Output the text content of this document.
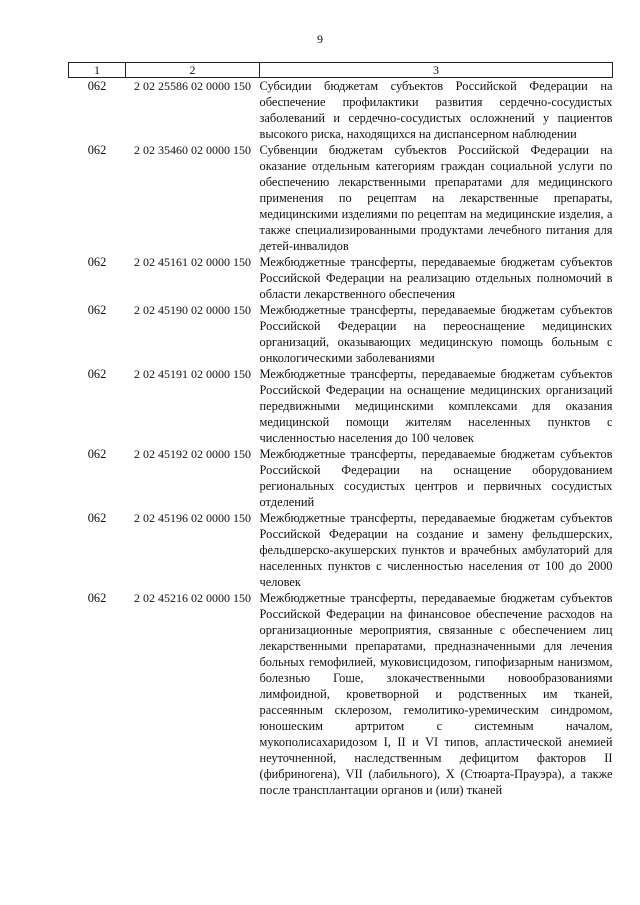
9
1	2	3
062	2 02 25586 02 0000 150	Субсидии бюджетам субъектов Российской Федерации на обеспечение профилактики развития сердечно-сосудистых заболеваний и сердечно-сосудистых осложнений у пациентов высокого риска, находящихся на диспансерном наблюдении
062	2 02 35460 02 0000 150	Субвенции бюджетам субъектов Российской Федерации на оказание отдельным категориям граждан социальной услуги по обеспечению лекарственными препаратами для медицинского применения по рецептам на лекарственные препараты, медицинскими изделиями по рецептам на медицинские изделия, а также специализированными продуктами лечебного питания для детей-инвалидов
062	2 02 45161 02 0000 150	Межбюджетные трансферты, передаваемые бюджетам субъектов Российской Федерации на реализацию отдельных полномочий в области лекарственного обеспечения
062	2 02 45190 02 0000 150	Межбюджетные трансферты, передаваемые бюджетам субъектов Российской Федерации на переоснащение медицинских организаций, оказывающих медицинскую помощь больным с онкологическими заболеваниями
062	2 02 45191 02 0000 150	Межбюджетные трансферты, передаваемые бюджетам субъектов Российской Федерации на оснащение медицинских организаций передвижными медицинскими комплексами для оказания медицинской помощи жителям населенных пунктов с численностью населения до 100 человек
062	2 02 45192 02 0000 150	Межбюджетные трансферты, передаваемые бюджетам субъектов Российской Федерации на оснащение оборудованием региональных сосудистых центров и первичных сосудистых отделений
062	2 02 45196 02 0000 150	Межбюджетные трансферты, передаваемые бюджетам субъектов Российской Федерации на создание и замену фельдшерских, фельдшерско-акушерских пунктов и врачебных амбулаторий для населенных пунктов с численностью населения от 100 до 2000 человек
062	2 02 45216 02 0000 150	Межбюджетные трансферты, передаваемые бюджетам субъектов Российской Федерации на финансовое обеспечение расходов на организационные мероприятия, связанные с обеспечением лиц лекарственными препаратами, предназначенными для лечения больных гемофилией, муковисцидозом, гипофизарным нанизмом, болезнью Гоше, злокачественными новообразованиями лимфоидной, кроветворной и родственных им тканей, рассеянным склерозом, гемолитико-уремическим синдромом, юношеским артритом с системным началом, мукополисахаридозом I, II и VI типов, апластической анемией неуточненной, наследственным дефицитом факторов II (фибриногена), VII (лабильного), X (Стюарта-Прауэра), а также после трансплантации органов и (или) тканей
